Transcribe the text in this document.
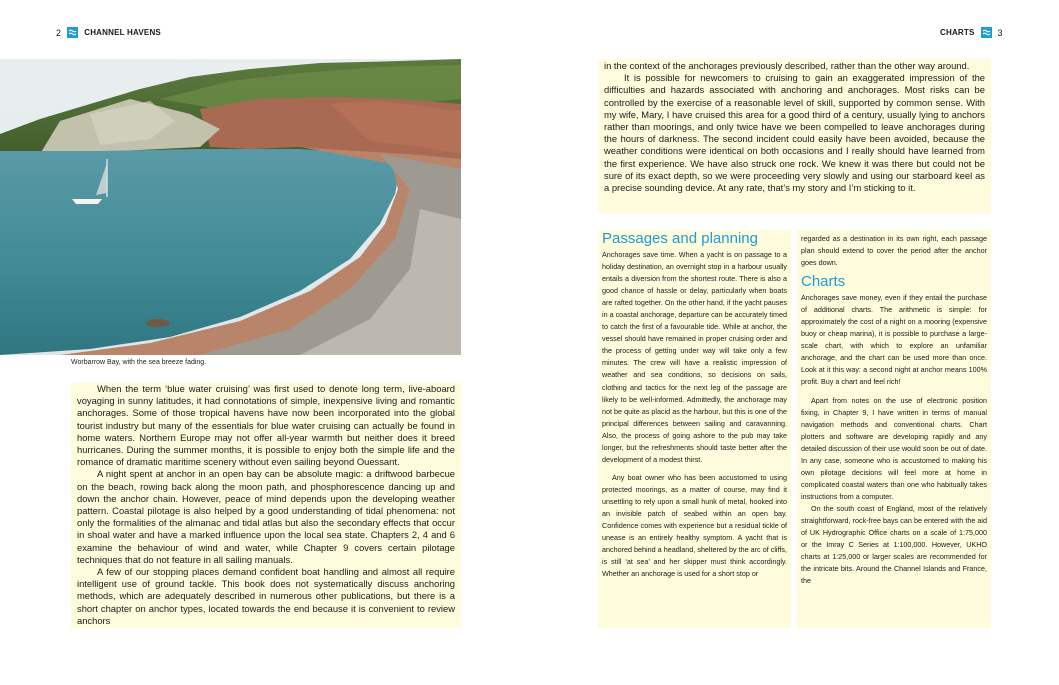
2	CHANNEL HAVENS	CHARTS	3
Worbarrow Bay, with the sea breeze fading.

When the term ‘blue water cruising’ was first used to denote long term, live-aboard voyaging in sunny latitudes, it had connotations of simple, inexpensive living and romantic anchorages. Some of those tropical havens have now been incorporated into the global tourist industry but many of the essentials for blue water cruising can actually be found in home waters. Northern Europe may not offer all-year warmth but neither does it breed hurricanes. During the summer months, it is possible to enjoy both the simple life and the romance of dramatic maritime scenery without even sailing beyond Ouessant.

A night spent at anchor in an open bay can be absolute magic: a driftwood barbecue on the beach, rowing back along the moon path, and phosphorescence dancing up and down the anchor chain. However, peace of mind depends upon the developing weather pattern. Coastal pilotage is also helped by a good understanding of tidal phenomena: not only the formalities of the almanac and tidal atlas but also the secondary effects that occur in shoal water and have a marked influence upon the local sea state. Chapters 2, 4 and 6 examine the behaviour of wind and water, while Chapter 9 covers certain pilotage techniques that do not feature in all sailing manuals.

A few of our stopping places demand confident boat handling and almost all require intelligent use of ground tackle. This book does not systematically discuss anchoring methods, which are adequately described in numerous other publications, but there is a short chapter on anchor types, located towards the end because it is convenient to review anchors

in the context of the anchorages previously described, rather than the other way around.

It is possible for newcomers to cruising to gain an exaggerated impression of the difficulties and hazards associated with anchoring and anchorages. Most risks can be controlled by the exercise of a reasonable level of skill, supported by common sense. With my wife, Mary, I have cruised this area for a good third of a century, usually lying to anchors rather than moorings, and only twice have we been compelled to leave anchorages during the hours of darkness. The second incident could easily have been avoided, because the weather conditions were identical on both occasions and I really should have learned from the first experience. We have also struck one rock. We knew it was there but could not be sure of its exact depth, so we were proceeding very slowly and using our starboard keel as a precise sounding device. At any rate, that’s my story and I’m sticking to it.

Passages and planning

Anchorages save time. When a yacht is on passage to a holiday destination, an overnight stop in a harbour usually entails a diversion from the shortest route. There is also a good chance of hassle or delay, particularly when boats are rafted together. On the other hand, if the yacht pauses in a coastal anchorage, departure can be accurately timed to catch the first of a favourable tide. While at anchor, the vessel should have remained in proper cruising order and the process of getting under way will take only a few minutes. The crew will have a realistic impression of weather and sea conditions, so decisions on sails, clothing and tactics for the next leg of the passage are likely to be well-informed. Admittedly, the anchorage may not be quite as placid as the harbour, but this is one of the principal differences between sailing and caravanning. Also, the process of going ashore to the pub may take longer, but the refreshments should taste better after the development of a modest thirst.

Any boat owner who has been accustomed to using protected moorings, as a matter of course, may find it unsettling to rely upon a small hunk of metal, hooked into an invisible patch of seabed within an open bay. Confidence comes with experience but a residual tickle of unease is an entirely healthy symptom. A yacht that is anchored behind a headland, sheltered by the arc of cliffs, is still ‘at sea’ and her skipper must think accordingly. Whether an anchorage is used for a short stop or

regarded as a destination in its own right, each passage plan should extend to cover the period after the anchor goes down.

Charts

Anchorages save money, even if they entail the purchase of additional charts. The arithmetic is simple: for approximately the cost of a night on a mooring (expensive buoy or cheap marina), it is possible to purchase a large-scale chart, with which to explore an unfamiliar anchorage, and the chart can be used more than once. Look at it this way: a second night at anchor means 100% profit. Buy a chart and feel rich!

Apart from notes on the use of electronic position fixing, in Chapter 9, I have written in terms of manual navigation methods and conventional charts. Chart plotters and software are developing rapidly and any detailed discussion of their use would soon be out of date. In any case, someone who is accustomed to making his own pilotage decisions will feel more at home in complicated coastal waters than one who habitually takes instructions from a computer.

On the south coast of England, most of the relatively straightforward, rock-free bays can be entered with the aid of UK Hydrographic Office charts on a scale of 1:75,000 or the Imray C Series at 1:100,000. However, UKHO charts at 1:25,000 or larger scales are recommended for the intricate bits. Around the Channel Islands and France, the
